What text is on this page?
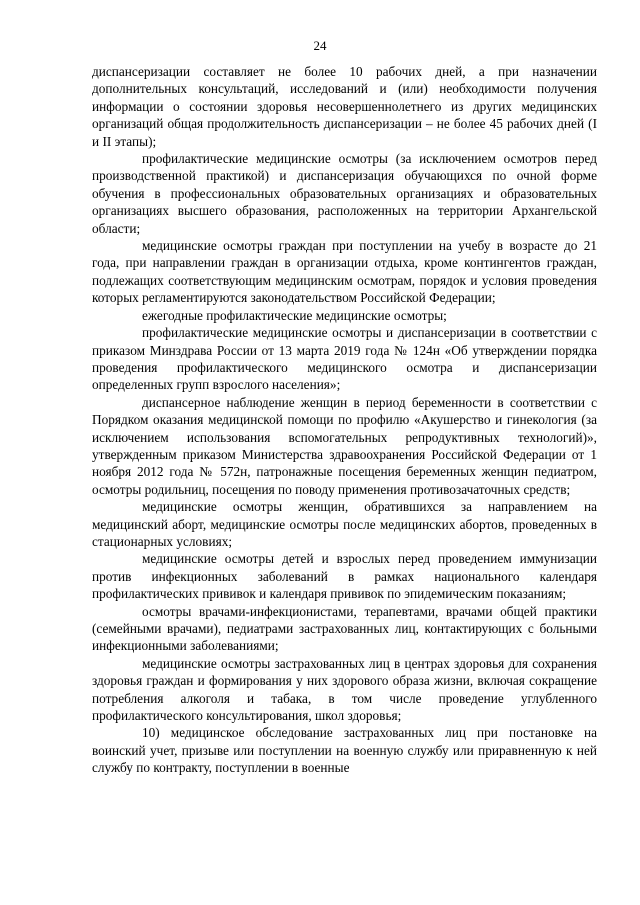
24

диспансеризации составляет не более 10 рабочих дней, а при назначении дополнительных консультаций, исследований и (или) необходимости получения информации о состоянии здоровья несовершеннолетнего из других медицинских организаций общая продолжительность диспансеризации – не более 45 рабочих дней (I и II этапы);

профилактические медицинские осмотры (за исключением осмотров перед производственной практикой) и диспансеризация обучающихся по очной форме обучения в профессиональных образовательных организациях и образовательных организациях высшего образования, расположенных на территории Архангельской области;

медицинские осмотры граждан при поступлении на учебу в возрасте до 21 года, при направлении граждан в организации отдыха, кроме контингентов граждан, подлежащих соответствующим медицинским осмотрам, порядок и условия проведения которых регламентируются законодательством Российской Федерации;

ежегодные профилактические медицинские осмотры;

профилактические медицинские осмотры и диспансеризации в соответствии с приказом Минздрава России от 13 марта 2019 года № 124н «Об утверждении порядка проведения профилактического медицинского осмотра и диспансеризации определенных групп взрослого населения»;

диспансерное наблюдение женщин в период беременности в соответствии с Порядком оказания медицинской помощи по профилю «Акушерство и гинекология (за исключением использования вспомогательных репродуктивных технологий)», утвержденным приказом Министерства здравоохранения Российской Федерации от 1 ноября 2012 года № 572н, патронажные посещения беременных женщин педиатром, осмотры родильниц, посещения по поводу применения противозачаточных средств;

медицинские осмотры женщин, обратившихся за направлением на медицинский аборт, медицинские осмотры после медицинских абортов, проведенных в стационарных условиях;

медицинские осмотры детей и взрослых перед проведением иммунизации против инфекционных заболеваний в рамках национального календаря профилактических прививок и календаря прививок по эпидемическим показаниям;

осмотры врачами-инфекционистами, терапевтами, врачами общей практики (семейными врачами), педиатрами застрахованных лиц, контактирующих с больными инфекционными заболеваниями;

медицинские осмотры застрахованных лиц в центрах здоровья для сохранения здоровья граждан и формирования у них здорового образа жизни, включая сокращение потребления алкоголя и табака, в том числе проведение углубленного профилактического консультирования, школ здоровья;

10) медицинское обследование застрахованных лиц при постановке на воинский учет, призыве или поступлении на военную службу или приравненную к ней службу по контракту, поступлении в военные
